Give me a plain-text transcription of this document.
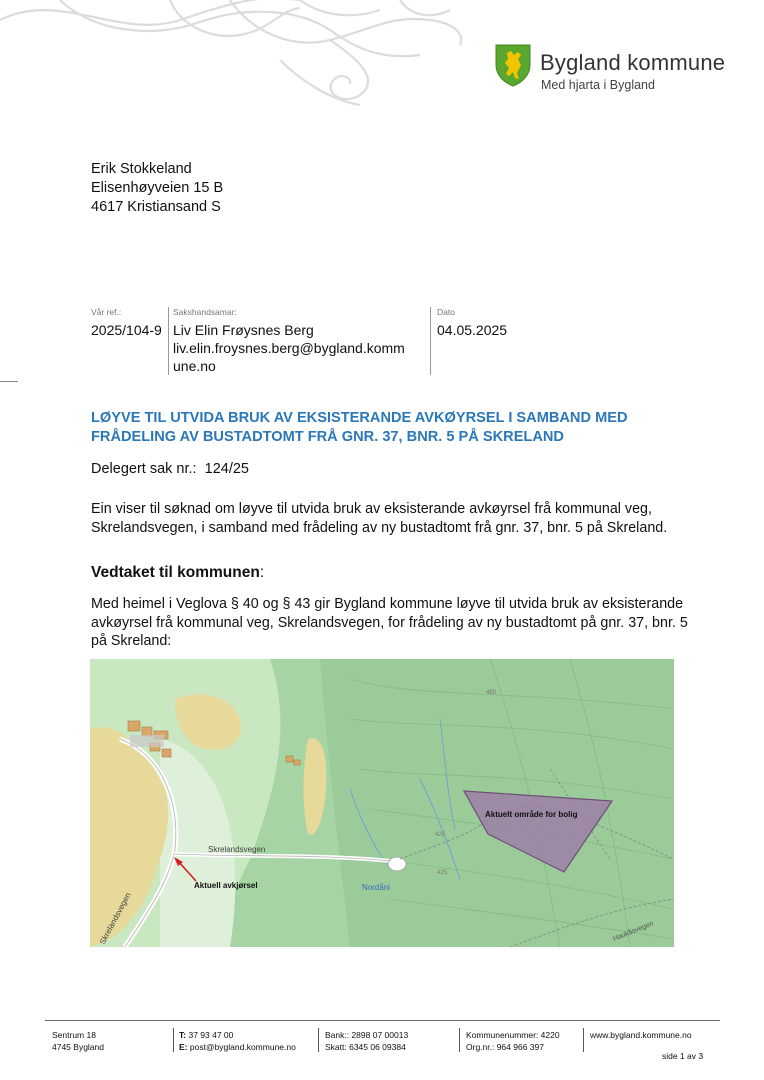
Bygland kommune
Med hjarta i Bygland
Erik Stokkeland
Elisenhøyveien 15 B
4617 Kristiansand S
Vår ref.:	Sakshandsamar:	Dato
2025/104-9 Liv Elin Frøysnes Berg
liv.elin.froysnes.berg@bygland.komm
une.no
04.05.2025
LØYVE TIL UTVIDA BRUK AV EKSISTERANDE AVKØYRSEL I SAMBAND MED FRÅDELING AV BUSTADTOMT FRÅ GNR. 37, BNR. 5 PÅ SKRELAND
Delegert sak nr.: 124/25
Ein viser til søknad om løyve til utvida bruk av eksisterande avkøyrsel frå kommunal veg, Skrelandsvegen, i samband med frådeling av ny bustadtomt frå gnr. 37, bnr. 5 på Skreland.
Vedtaket til kommunen:
Med heimel i Veglova § 40 og § 43 gir Bygland kommune løyve til utvida bruk av eksisterande avkøyrsel frå kommunal veg, Skrelandsvegen, for frådeling av ny bustadtomt på gnr. 37, bnr. 5 på Skreland:
Aktuelt område for bolig
Aktuell avkjørsel
Skrelandsvegen
Skrelandsvegen
Nordåni
Haukåsvegen
450
425
425
Sentrum 18
4745 Bygland
T: 37 93 47 00
E: post@bygland.kommune.no
Bank:: 2898 07 00013
Skatt: 6345 06 09384
Kommunenummer: 4220
Org.nr.: 964 966 397
www.bygland.kommune.no
side 1 av 3
